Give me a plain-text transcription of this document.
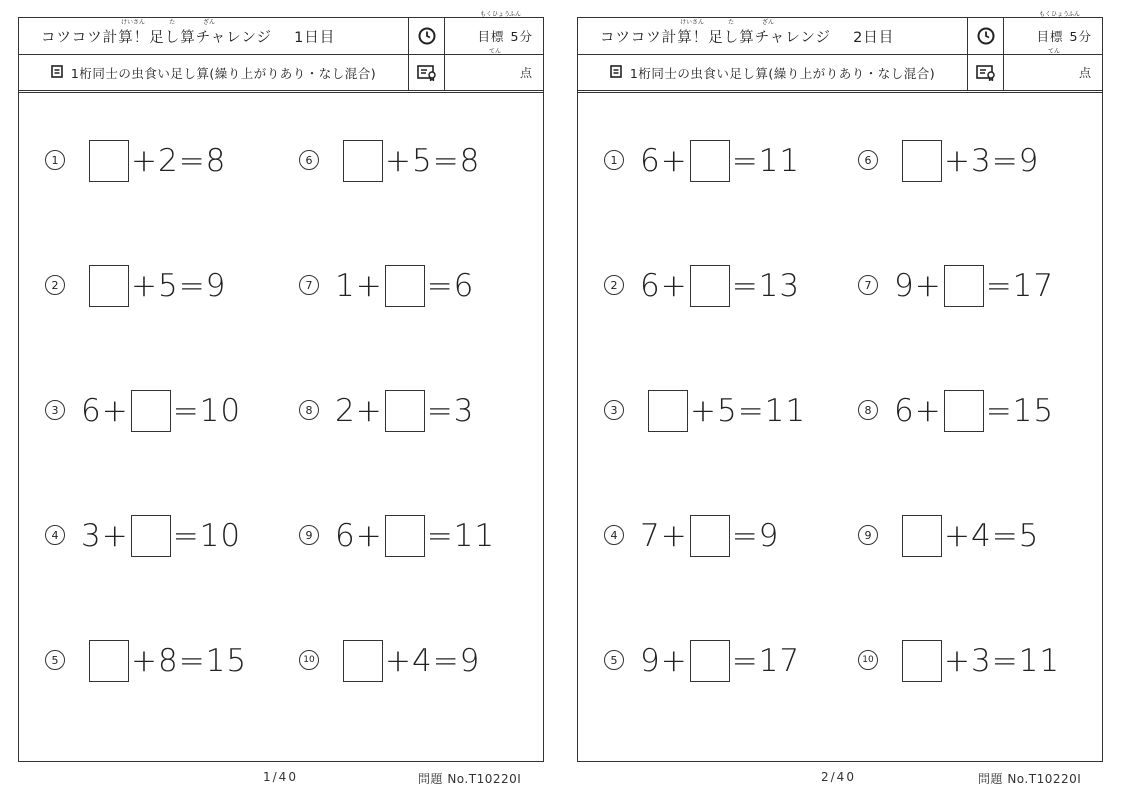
コツコツ計算！足し算チャレンジ
けいさん	た	ざん
1日目
もくひょう
目標
ふん
5分
1桁同士の虫食い足し算(繰り上がりあり・なし混合)
てん
点
1 +2=8
2 +5=9
3 6+ =10
4 3+ =10
5 +8=15
6 +5=8
7 1+ =6
8 2+ =3
9 6+ =11
10 +4=9
コツコツ計算！足し算チャレンジ
けいさん	た	ざん
2日目
もくひょう
目標
ふん
5分
1桁同士の虫食い足し算(繰り上がりあり・なし混合)
てん
点
1 6+ =11
2 6+ =13
3 +5=11
4 7+ =9
5 9+ =17
6 +3=9
7 9+ =17
8 6+ =15
9 +4=5
10 +3=11
1/40	問題 No.T10220I	2/40	問題 No.T10220I
